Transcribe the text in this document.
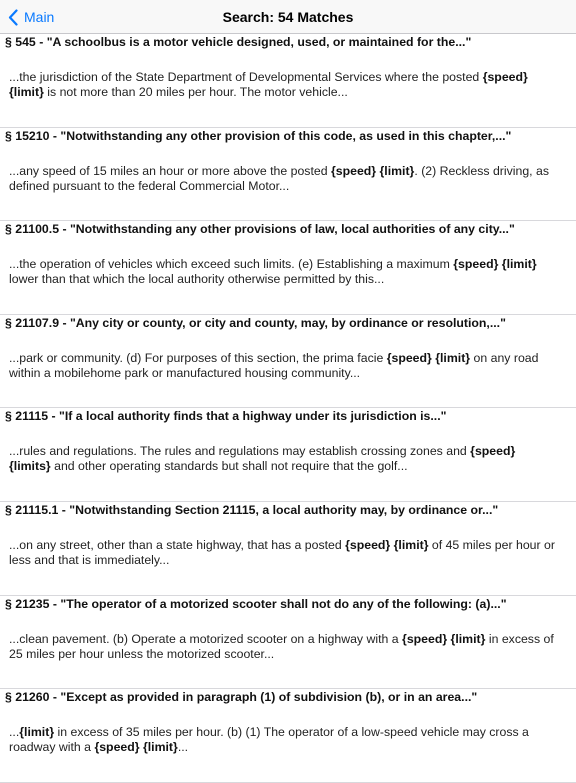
Main	Search: 54 Matches
§ 545 - "A schoolbus is a motor vehicle designed, used, or maintained for the..."
...the jurisdiction of the State Department of Developmental Services where the posted {speed} {limit} is not more than 20 miles per hour. The motor vehicle...
§ 15210 - "Notwithstanding any other provision of this code, as used in this chapter,..."
...any speed of 15 miles an hour or more above the posted {speed} {limit}. (2) Reckless driving, as defined pursuant to the federal Commercial Motor...
§ 21100.5 - "Notwithstanding any other provisions of law, local authorities of any city..."
...the operation of vehicles which exceed such limits. (e) Establishing a maximum {speed} {limit} lower than that which the local authority otherwise permitted by this...
§ 21107.9 - "Any city or county, or city and county, may, by ordinance or resolution,..."
...park or community. (d) For purposes of this section, the prima facie {speed} {limit} on any road within a mobilehome park or manufactured housing community...
§ 21115 - "If a local authority finds that a highway under its jurisdiction is..."
...rules and regulations. The rules and regulations may establish crossing zones and {speed} {limits} and other operating standards but shall not require that the golf...
§ 21115.1 - "Notwithstanding Section 21115, a local authority may, by ordinance or..."
...on any street, other than a state highway, that has a posted {speed} {limit} of 45 miles per hour or less and that is immediately...
§ 21235 - "The operator of a motorized scooter shall not do any of the following: (a)..."
...clean pavement. (b) Operate a motorized scooter on a highway with a {speed} {limit} in excess of 25 miles per hour unless the motorized scooter...
§ 21260 - "Except as provided in paragraph (1) of subdivision (b), or in an area..."
...{limit} in excess of 35 miles per hour. (b) (1) The operator of a low-speed vehicle may cross a roadway with a {speed} {limit}...
